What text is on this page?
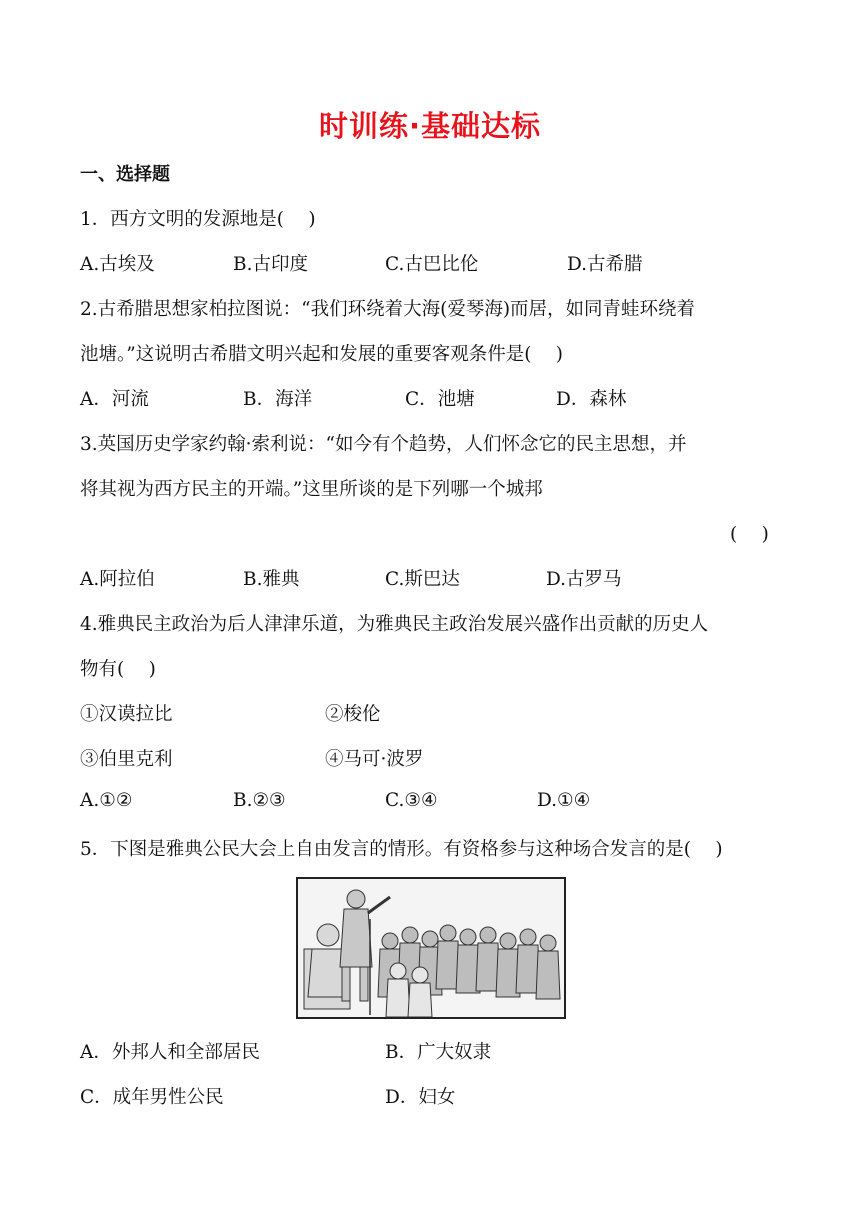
时训练·基础达标
一、选择题
1．西方文明的发源地是(　 )
A.古埃及	B.古印度	C.古巴比伦	D.古希腊
2.古希腊思想家柏拉图说：“我们环绕着大海(爱琴海)而居，如同青蛙环绕着
池塘。”这说明古希腊文明兴起和发展的重要客观条件是(　 )
A．河流	B．海洋	C．池塘	D．森林
3.英国历史学家约翰·索利说：“如今有个趋势，人们怀念它的民主思想，并
将其视为西方民主的开端。”这里所谈的是下列哪一个城邦
(　 )
A.阿拉伯	B.雅典	C.斯巴达	D.古罗马
4.雅典民主政治为后人津津乐道，为雅典民主政治发展兴盛作出贡献的历史人
物有(　 )
①汉谟拉比	②梭伦
③伯里克利	④马可·波罗
A.①②	B.②③	C.③④	D.①④
5．下图是雅典公民大会上自由发言的情形。有资格参与这种场合发言的是(　 )
A．外邦人和全部居民	B．广大奴隶
C．成年男性公民	D．妇女
